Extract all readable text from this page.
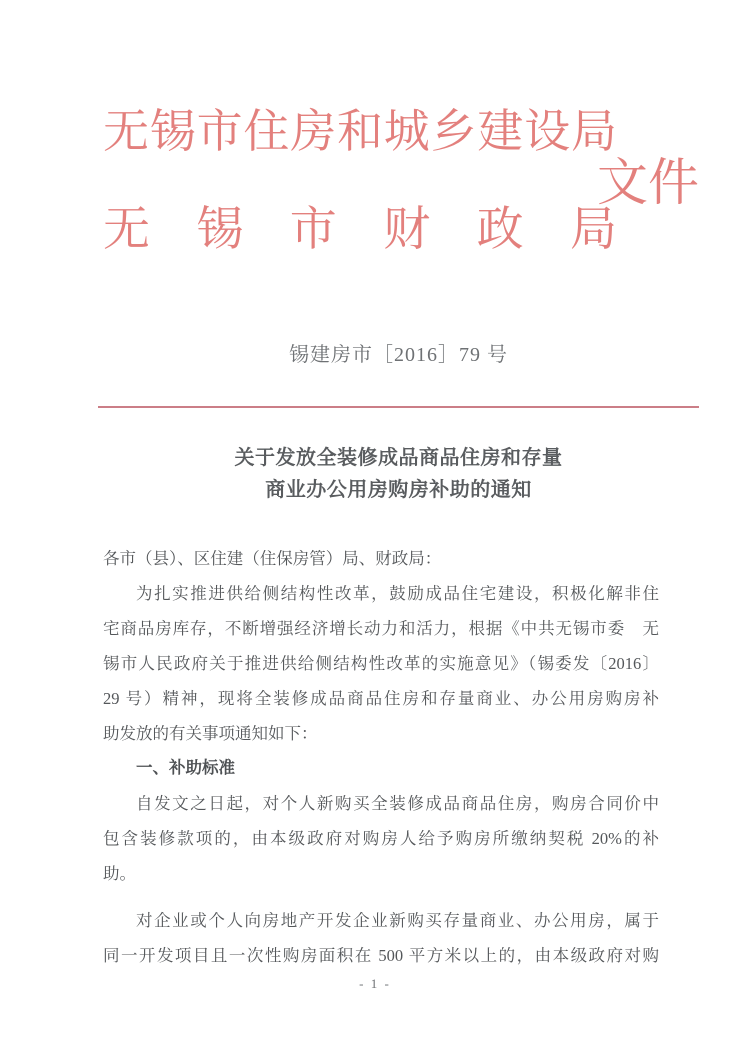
无锡市住房和城乡建设局
无锡市财政局
文件
锡建房市［2016］79 号
关于发放全装修成品商品住房和存量
商业办公用房购房补助的通知
各市（县）、区住建（住保房管）局、财政局：
为扎实推进供给侧结构性改革，鼓励成品住宅建设，积极化解非住
宅商品房库存，不断增强经济增长动力和活力，根据《中共无锡市委　无
锡市人民政府关于推进供给侧结构性改革的实施意见》（锡委发〔2016〕
29 号）精神，现将全装修成品商品住房和存量商业、办公用房购房补
助发放的有关事项通知如下：
一、补助标准
自发文之日起，对个人新购买全装修成品商品住房，购房合同价中
包含装修款项的，由本级政府对购房人给予购房所缴纳契税 20%的补
助。
对企业或个人向房地产开发企业新购买存量商业、办公用房，属于
同一开发项目且一次性购房面积在 500 平方米以上的，由本级政府对购
- 1 -
